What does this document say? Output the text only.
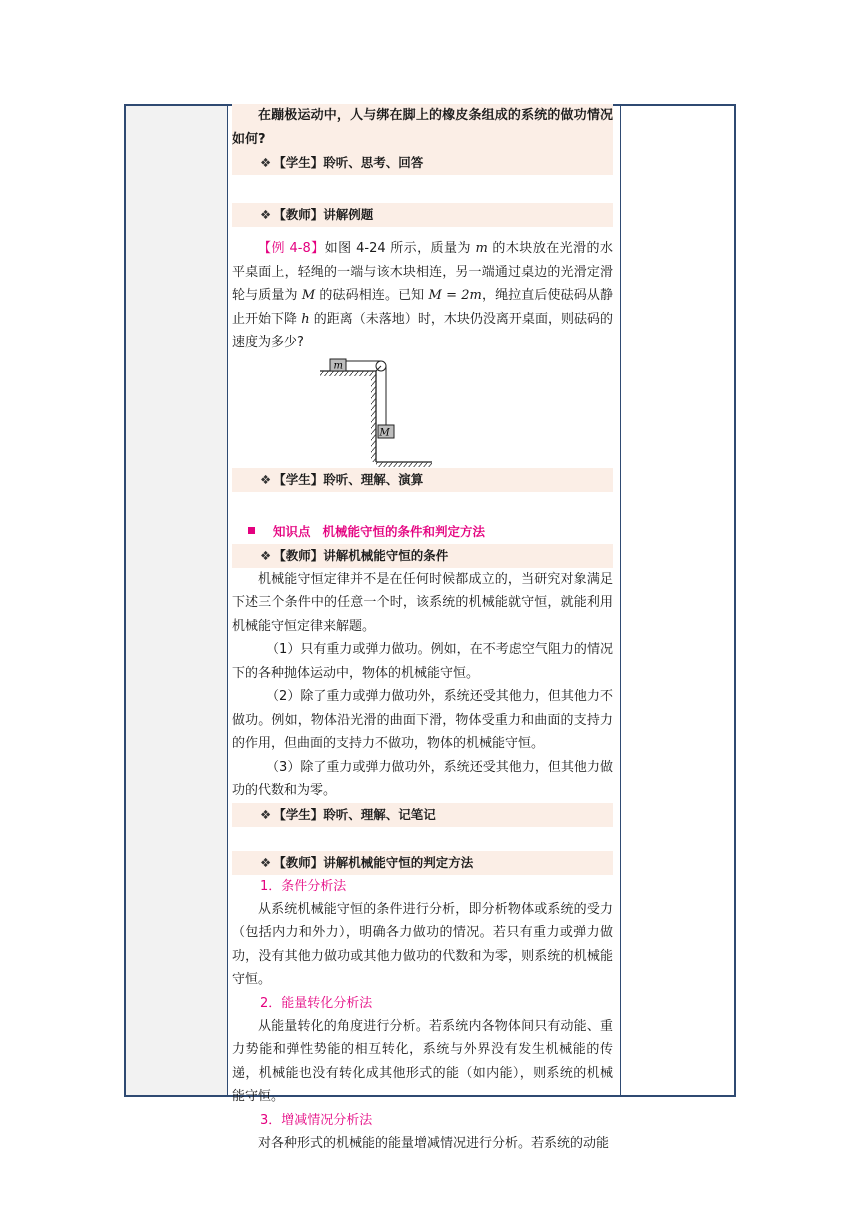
在蹦极运动中，人与绑在脚上的橡皮条组成的系统的做功情况如何?
❖ 【学生】聆听、思考、回答
❖ 【教师】讲解例题
【例 4-8】如图 4-24 所示，质量为 m 的木块放在光滑的水平桌面上，轻绳的一端与该木块相连，另一端通过桌边的光滑定滑轮与质量为 M 的砝码相连。已知 M = 2m，绳拉直后使砝码从静止开始下降 h 的距离（未落地）时，木块仍没离开桌面，则砝码的速度为多少?
m
M
❖ 【学生】聆听、理解、演算
知识点 机械能守恒的条件和判定方法
❖ 【教师】讲解机械能守恒的条件
机械能守恒定律并不是在任何时候都成立的，当研究对象满足下述三个条件中的任意一个时，该系统的机械能就守恒，就能利用机械能守恒定律来解题。
（1）只有重力或弹力做功。例如，在不考虑空气阻力的情况下的各种抛体运动中，物体的机械能守恒。
（2）除了重力或弹力做功外，系统还受其他力，但其他力不做功。例如，物体沿光滑的曲面下滑，物体受重力和曲面的支持力的作用，但曲面的支持力不做功，物体的机械能守恒。
（3）除了重力或弹力做功外，系统还受其他力，但其他力做功的代数和为零。
❖ 【学生】聆听、理解、记笔记
❖ 【教师】讲解机械能守恒的判定方法
1．条件分析法
从系统机械能守恒的条件进行分析，即分析物体或系统的受力（包括内力和外力），明确各力做功的情况。若只有重力或弹力做功，没有其他力做功或其他力做功的代数和为零，则系统的机械能守恒。
2．能量转化分析法
从能量转化的角度进行分析。若系统内各物体间只有动能、重力势能和弹性势能的相互转化，系统与外界没有发生机械能的传递，机械能也没有转化成其他形式的能（如内能），则系统的机械能守恒。
3．增减情况分析法
对各种形式的机械能的能量增减情况进行分析。若系统的动能
